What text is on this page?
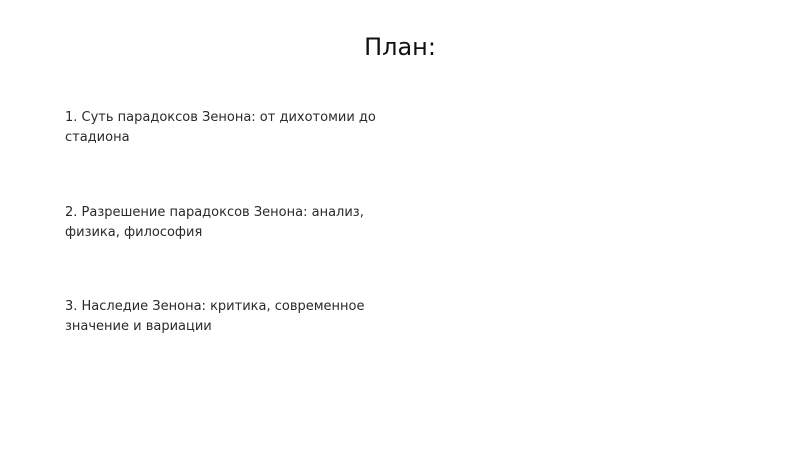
План:

1. Суть парадоксов Зенона: от дихотомии до стадиона

2. Разрешение парадоксов Зенона: анализ, физика, философия

3. Наследие Зенона: критика, современное значение и вариации
